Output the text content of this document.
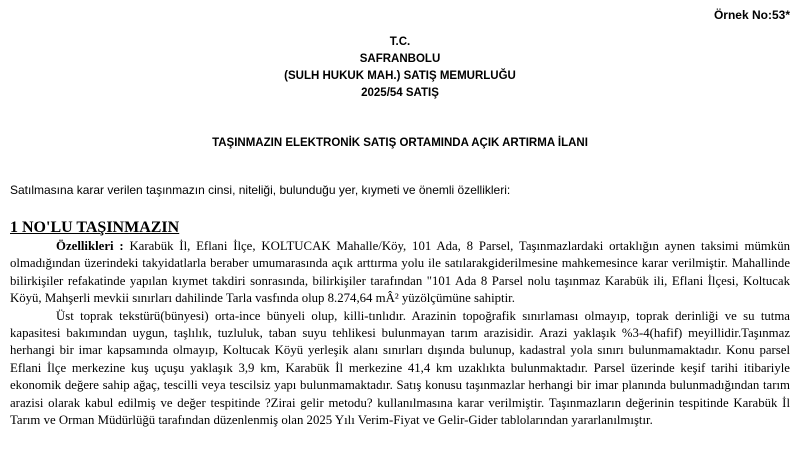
Örnek No:53*
T.C.
SAFRANBOLU
(SULH HUKUK MAH.) SATIŞ MEMURLUĞU
2025/54 SATIŞ
TAŞINMAZIN ELEKTRONİK SATIŞ ORTAMINDA AÇIK ARTIRMA İLANI
Satılmasına karar verilen taşınmazın cinsi, niteliği, bulunduğu yer, kıymeti ve önemli özellikleri:
1 NO'LU TAŞINMAZIN

Özellikleri : Karabük İl, Eflani İlçe, KOLTUCAK Mahalle/Köy, 101 Ada, 8 Parsel, Taşınmazlardaki ortaklığın aynen taksimi mümkün olmadığından üzerindeki takyidatlarla beraber umumarasında açık arttırma yolu ile satılarakgiderilmesine mahkemesince karar verilmiştir. Mahallinde bilirkişiler refakatinde yapılan kıymet takdiri sonrasında, bilirkişiler tarafından "101 Ada 8 Parsel nolu taşınmaz Karabük ili, Eflani İlçesi, Koltucak Köyü, Mahşerli mevkii sınırları dahilinde Tarla vasfında olup 8.274,64 mÂ² yüzölçümüne sahiptir.

Üst toprak tekstürü(bünyesi) orta-ince bünyeli olup, killi-tınlıdır. Arazinin topoğrafik sınırlaması olmayıp, toprak derinliği ve su tutma kapasitesi bakımından uygun, taşlılık, tuzluluk, taban suyu tehlikesi bulunmayan tarım arazisidir. Arazi yaklaşık %3-4(hafif) meyillidir.Taşınmaz herhangi bir imar kapsamında olmayıp, Koltucak Köyü yerleşik alanı sınırları dışında bulunup, kadastral yola sınırı bulunmamaktadır. Konu parsel Eflani İlçe merkezine kuş uçuşu yaklaşık 3,9 km, Karabük İl merkezine 41,4 km uzaklıkta bulunmaktadır. Parsel üzerinde keşif tarihi itibariyle ekonomik değere sahip ağaç, tescilli veya tescilsiz yapı bulunmamaktadır. Satış konusu taşınmazlar herhangi bir imar planında bulunmadığından tarım arazisi olarak kabul edilmiş ve değer tespitinde ?Zirai gelir metodu? kullanılmasına karar verilmiştir. Taşınmazların değerinin tespitinde Karabük İl Tarım ve Orman Müdürlüğü tarafından düzenlenmiş olan 2025 Yılı Verim-Fiyat ve Gelir-Gider tablolarından yararlanılmıştır.
